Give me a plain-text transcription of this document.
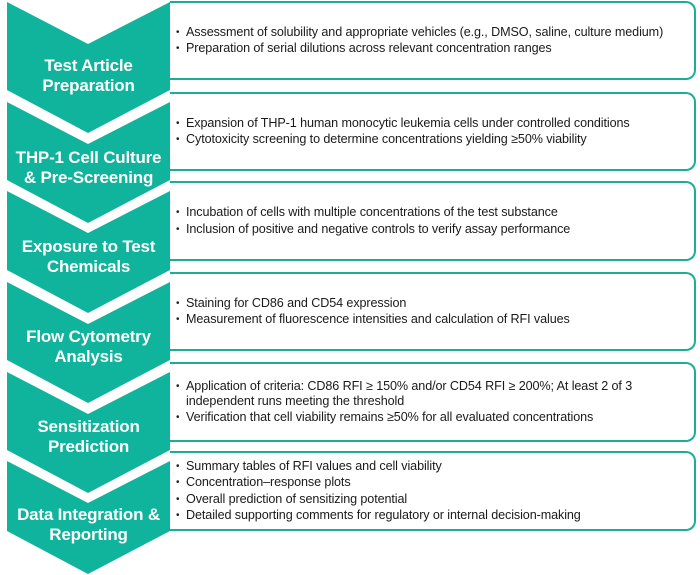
Test Article
Preparation
• Assessment of solubility and appropriate vehicles (e.g., DMSO, saline, culture medium)
• Preparation of serial dilutions across relevant concentration ranges
THP-1 Cell Culture
& Pre-Screening
• Expansion of THP-1 human monocytic leukemia cells under controlled conditions
• Cytotoxicity screening to determine concentrations yielding ≥50% viability
Exposure to Test
Chemicals
• Incubation of cells with multiple concentrations of the test substance
• Inclusion of positive and negative controls to verify assay performance
Flow Cytometry
Analysis
• Staining for CD86 and CD54 expression
• Measurement of fluorescence intensities and calculation of RFI values
Sensitization
Prediction
• Application of criteria: CD86 RFI ≥ 150% and/or CD54 RFI ≥ 200%; At least 2 of 3 independent runs meeting the threshold
• Verification that cell viability remains ≥50% for all evaluated concentrations
Data Integration &
Reporting
• Summary tables of RFI values and cell viability
• Concentration–response plots
• Overall prediction of sensitizing potential
• Detailed supporting comments for regulatory or internal decision-making
